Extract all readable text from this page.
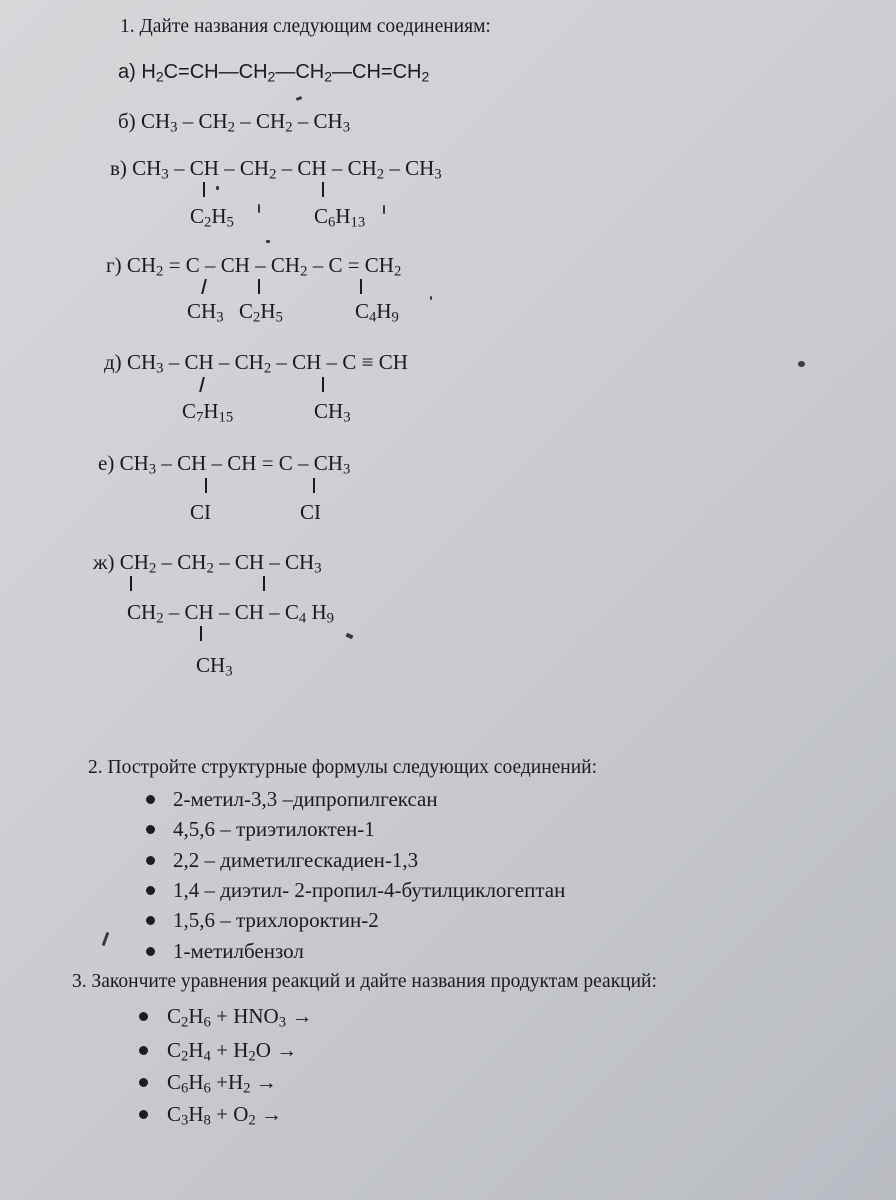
1. Дайте названия следующим соединениям:
а) $H_2C=CH—CH_2—CH_2—CH=CH_2$
б) $CH_3 - CH_2 - CH_2 - CH_3$
в) $CH_3$ – CH – $CH_2$ – CH – $CH_2 - CH_3$
$C_2H_5$	$C_6H_{13}$
г) $CH_2 = C$ – CH – $CH_2 - C = CH_2$
$CH_3$ $C_2H_5$	$C_4H_9$
д) $CH_3$ – CH – $CH_2$ – CH – C ≡ CH
$C_7H_{15}$	$CH_3$
е) $CH_3$ – CH – CH = C – $CH_3$
CI	CI
ж) $CH_2 - CH_2$ – CH – $CH_3$
$CH_2$ – CH – CH – $C_4$ $H_9$
$CH_3$
2. Постройте структурные формулы следующих соединений:
2-метил-3,3 –дипропилгексан
4,5,6 – триэтилоктен-1
2,2 – диметилгескадиен-1,3
1,4 – диэтил- 2-пропил-4-бутилциклогептан
1,5,6 – трихлороктин-2
1-метилбензол
3. Закончите уравнения реакций и дайте названия продуктам реакций:
$C_2H_6 + HNO_3$ →
$C_2H_4 + H_2O$ →
$C_6H_6 +H_2$ →
$C_3H_8 + O_2$ →
